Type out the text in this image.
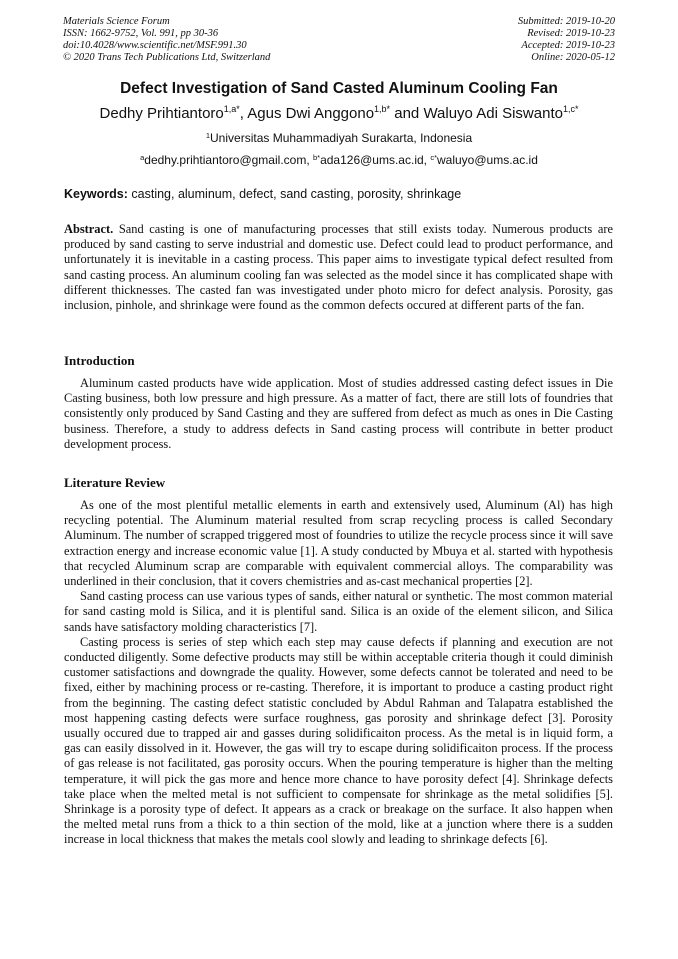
Materials Science Forum
ISSN: 1662-9752, Vol. 991, pp 30-36
doi:10.4028/www.scientific.net/MSF.991.30
© 2020 Trans Tech Publications Ltd, Switzerland
Submitted: 2019-10-20
Revised: 2019-10-23
Accepted: 2019-10-23
Online: 2020-05-12
Defect Investigation of Sand Casted Aluminum Cooling Fan
Dedhy Prihtiantoro$^{1,a*}$, Agus Dwi Anggono$^{1,b*}$ and Waluyo Adi Siswanto$^{1,c*}$
$^1$Universitas Muhammadiyah Surakarta, Indonesia
$^a$dedhy.prihtiantoro@gmail.com, $^{b*}$ada126@ums.ac.id, $^{c*}$waluyo@ums.ac.id
Keywords: casting, aluminum, defect, sand casting, porosity, shrinkage

Abstract. Sand casting is one of manufacturing processes that still exists today. Numerous products are produced by sand casting to serve industrial and domestic use. Defect could lead to product performance, and unfortunately it is inevitable in a casting process. This paper aims to investigate typical defect resulted from sand casting process. An aluminum cooling fan was selected as the model since it has complicated shape with different thicknesses. The casted fan was investigated under photo micro for defect analysis. Porosity, gas inclusion, pinhole, and shrinkage were found as the common defects occured at different parts of the fan.

Introduction

Aluminum casted products have wide application. Most of studies addressed casting defect issues in Die Casting business, both low pressure and high pressure. As a matter of fact, there are still lots of foundries that consistently only produced by Sand Casting and they are suffered from defect as much as ones in Die Casting business. Therefore, a study to address defects in Sand casting process will contribute in better product development process.

Literature Review

As one of the most plentiful metallic elements in earth and extensively used, Aluminum (Al) has high recycling potential. The Aluminum material resulted from scrap recycling process is called Secondary Aluminum. The number of scrapped triggered most of foundries to utilize the recycle process since it will save extraction energy and increase economic value [1]. A study conducted by Mbuya et al. started with hypothesis that recycled Aluminum scrap are comparable with equivalent commercial alloys. The comparability was underlined in their conclusion, that it covers chemistries and as-cast mechanical properties [2].

Sand casting process can use various types of sands, either natural or synthetic. The most common material for sand casting mold is Silica, and it is plentiful sand. Silica is an oxide of the element silicon, and Silica sands have satisfactory molding characteristics [7].

Casting process is series of step which each step may cause defects if planning and execution are not conducted diligently. Some defective products may still be within acceptable criteria though it could diminish customer satisfactions and downgrade the quality. However, some defects cannot be tolerated and need to be fixed, either by machining process or re-casting. Therefore, it is important to produce a casting product right from the beginning. The casting defect statistic concluded by Abdul Rahman and Talapatra established the most happening casting defects were surface roughness, gas porosity and shrinkage defect [3]. Porosity usually occured due to trapped air and gasses during solidificaiton process. As the metal is in liquid form, a gas can easily dissolved in it. However, the gas will try to escape during solidificaiton process. If the process of gas release is not facilitated, gas porosity occurs. When the pouring temperature is higher than the melting temperature, it will pick the gas more and hence more chance to have porosity defect [4]. Shrinkage defects take place when the melted metal is not sufficient to compensate for shrinkage as the metal solidifies [5]. Shrinkage is a porosity type of defect. It appears as a crack or breakage on the surface. It also happen when the melted metal runs from a thick to a thin section of the mold, like at a junction where there is a sudden increase in local thickness that makes the metals cool slowly and leading to shrinkage defects [6].
